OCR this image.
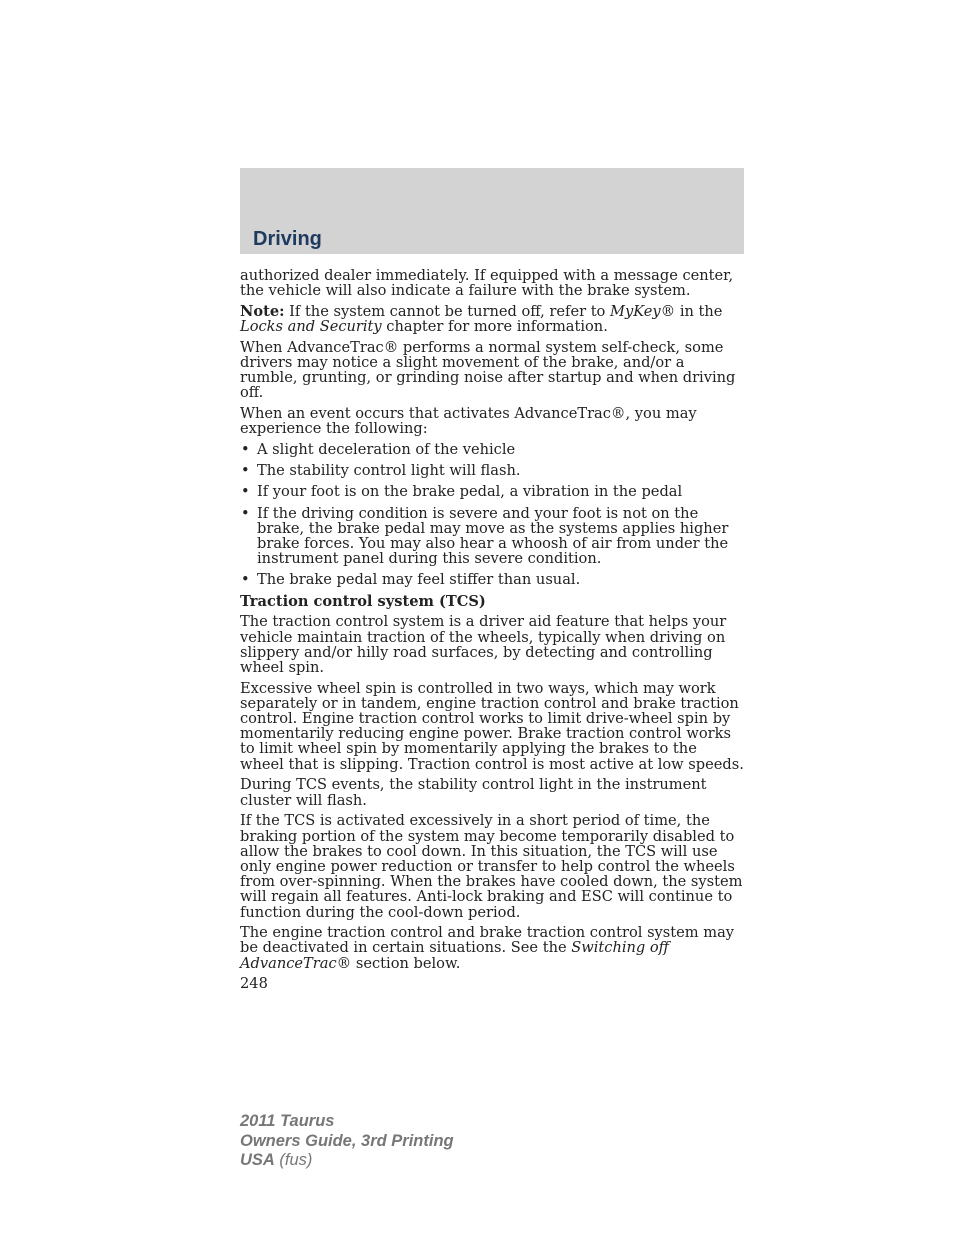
Driving

authorized dealer immediately. If equipped with a message center, the vehicle will also indicate a failure with the brake system.

Note: If the system cannot be turned off, refer to MyKey® in the Locks and Security chapter for more information.

When AdvanceTrac® performs a normal system self-check, some drivers may notice a slight movement of the brake, and/or a rumble, grunting, or grinding noise after startup and when driving off.

When an event occurs that activates AdvanceTrac®, you may experience the following:

• A slight deceleration of the vehicle
• The stability control light will flash.
• If your foot is on the brake pedal, a vibration in the pedal
• If the driving condition is severe and your foot is not on the brake, the brake pedal may move as the systems applies higher brake forces. You may also hear a whoosh of air from under the instrument panel during this severe condition.
• The brake pedal may feel stiffer than usual.
Traction control system (TCS)

The traction control system is a driver aid feature that helps your vehicle maintain traction of the wheels, typically when driving on slippery and/or hilly road surfaces, by detecting and controlling wheel spin.

Excessive wheel spin is controlled in two ways, which may work separately or in tandem, engine traction control and brake traction control. Engine traction control works to limit drive-wheel spin by momentarily reducing engine power. Brake traction control works to limit wheel spin by momentarily applying the brakes to the wheel that is slipping. Traction control is most active at low speeds.

During TCS events, the stability control light in the instrument cluster will flash.

If the TCS is activated excessively in a short period of time, the braking portion of the system may become temporarily disabled to allow the brakes to cool down. In this situation, the TCS will use only engine power reduction or transfer to help control the wheels from over-spinning. When the brakes have cooled down, the system will regain all features. Anti-lock braking and ESC will continue to function during the cool-down period.

The engine traction control and brake traction control system may be deactivated in certain situations. See the Switching off AdvanceTrac® section below.

248
2011 Taurus
Owners Guide, 3rd Printing
USA (fus)
